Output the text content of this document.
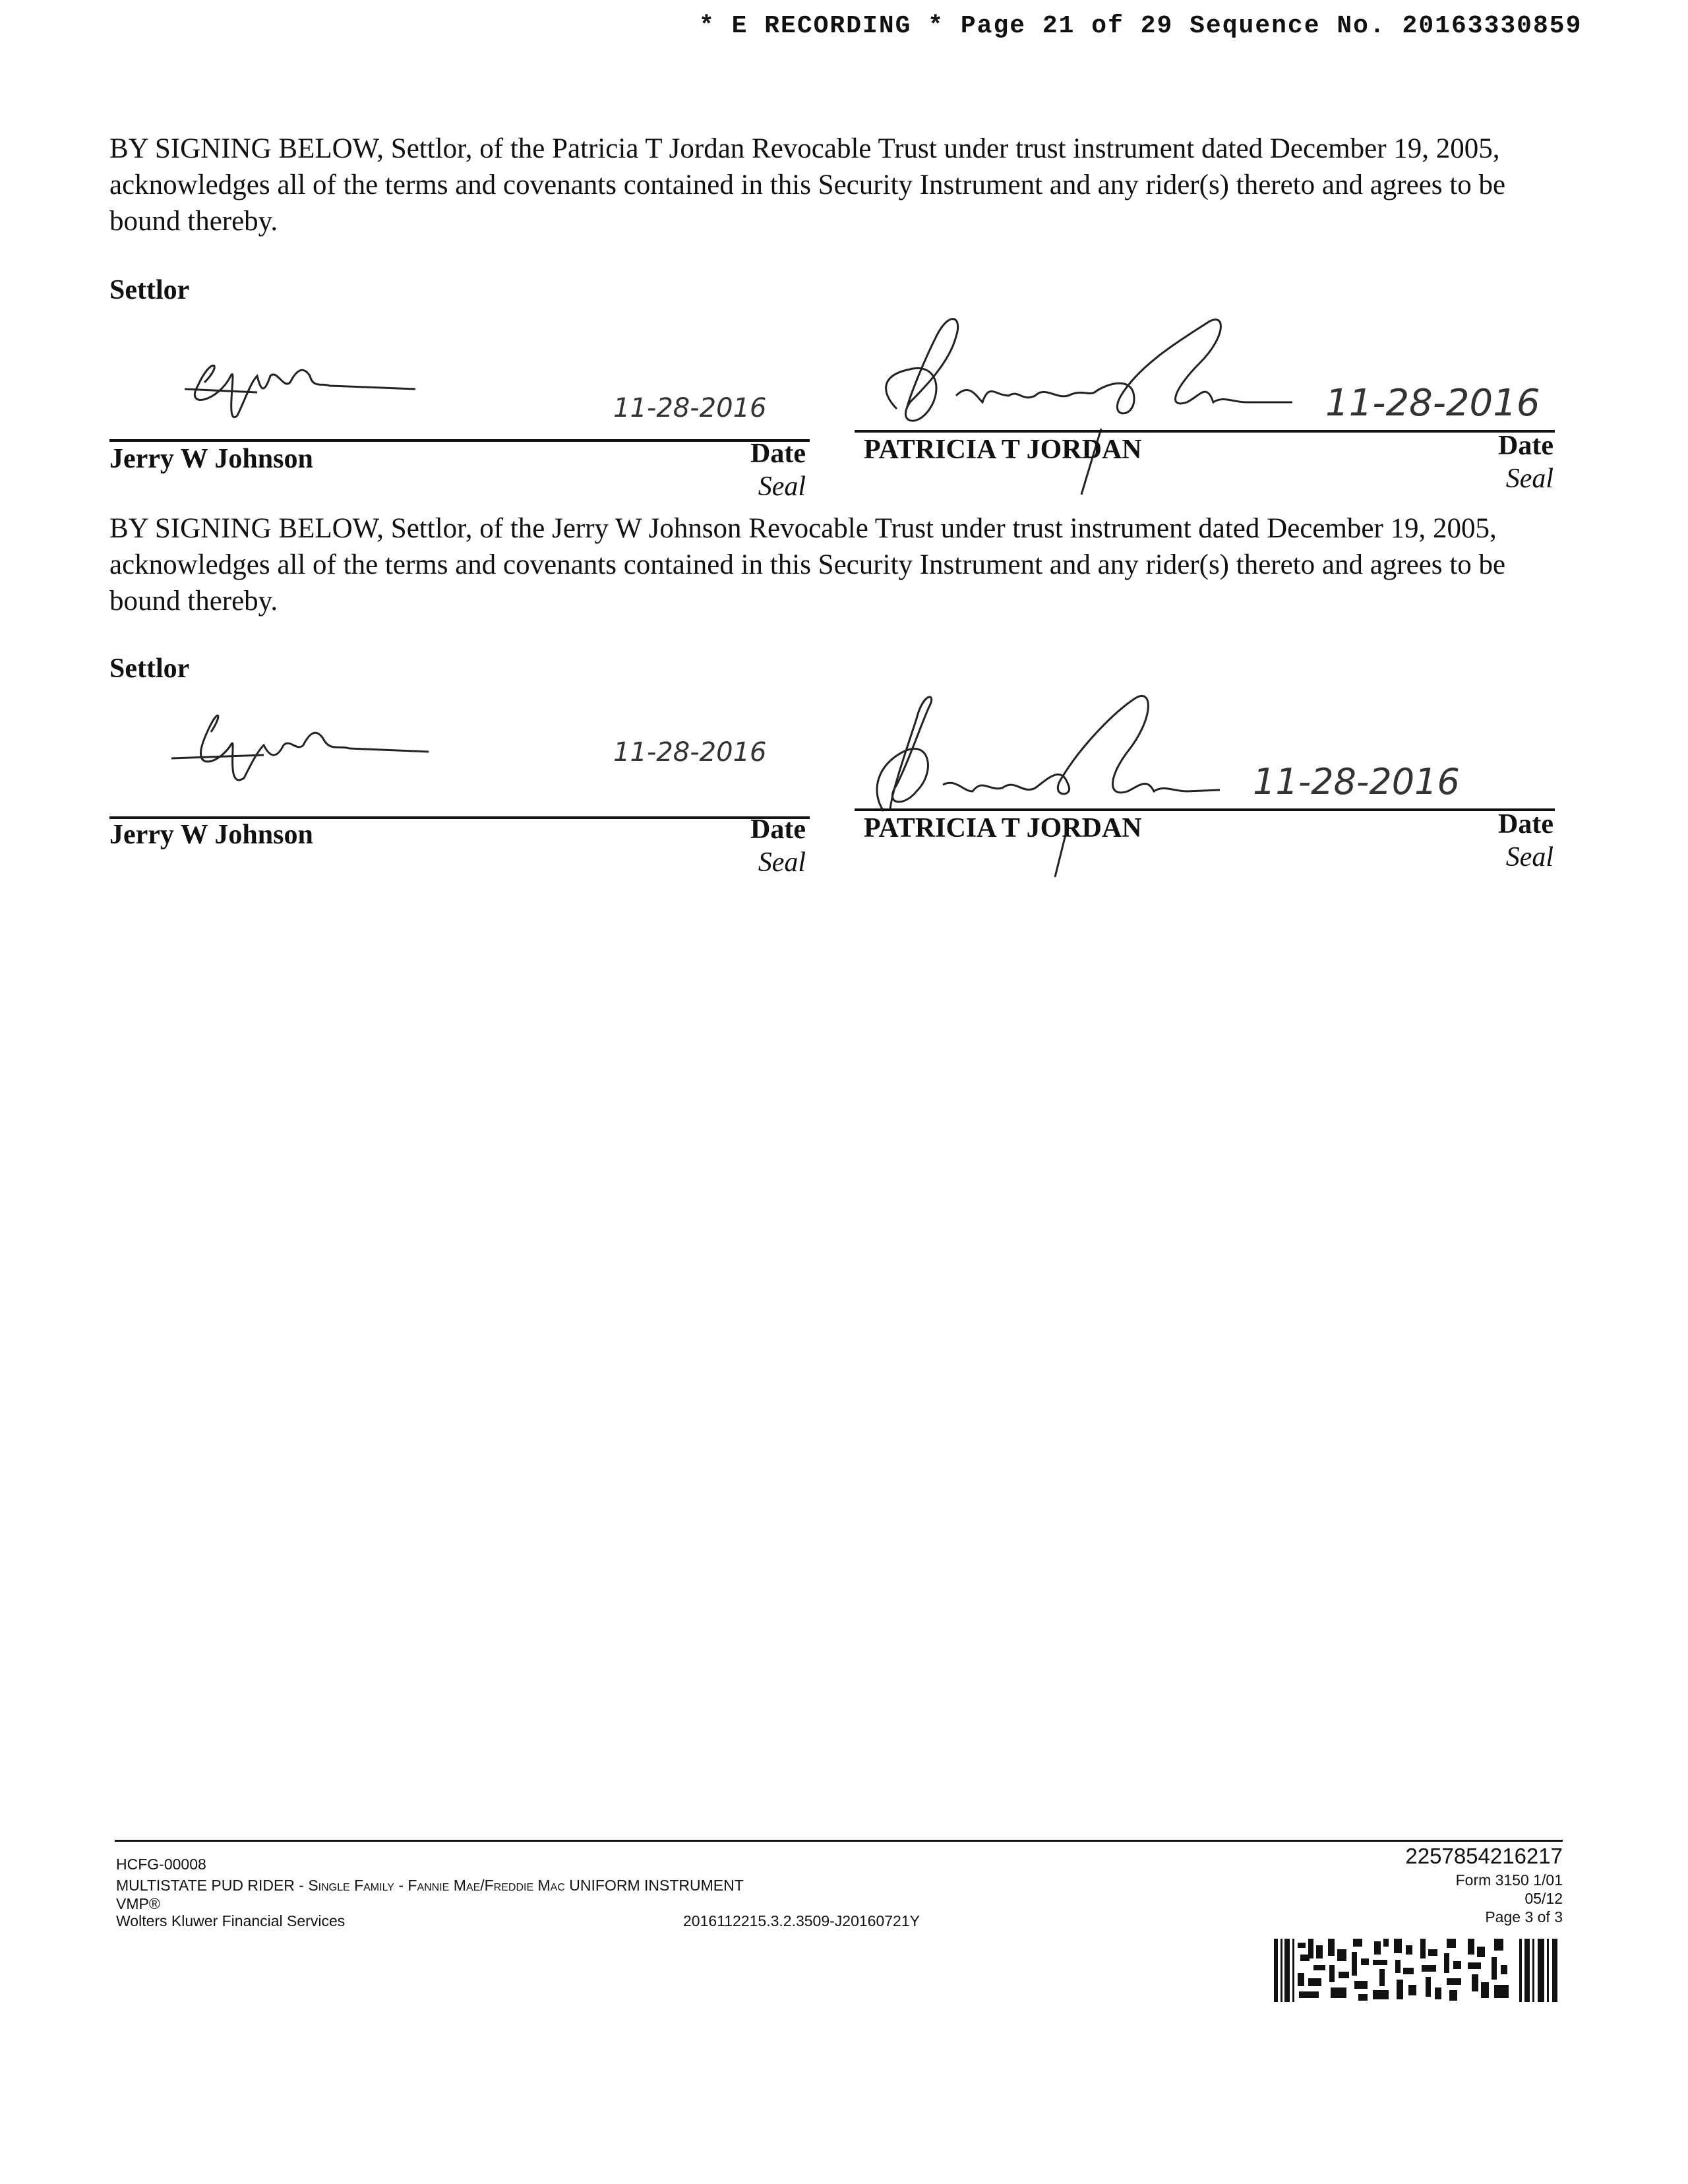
* E RECORDING * Page 21 of 29 Sequence No. 20163330859
BY SIGNING BELOW, Settlor, of the Patricia T Jordan Revocable Trust under trust instrument dated December 19, 2005, acknowledges all of the terms and covenants contained in this Security Instrument and any rider(s) thereto and agrees to be bound thereby.
Settlor
11-28-2016
Jerry W Johnson	Date
Seal
11-28-2016
PATRICIA T JORDAN	Date
Seal
BY SIGNING BELOW, Settlor, of the Jerry W Johnson Revocable Trust under trust instrument dated December 19, 2005, acknowledges all of the terms and covenants contained in this Security Instrument and any rider(s) thereto and agrees to be bound thereby.
Settlor
11-28-2016
Jerry W Johnson	Date
Seal
11-28-2016
PATRICIA T JORDAN	Date
Seal
HCFG-00008
MULTISTATE PUD RIDER - Single Family - Fannie Mae/Freddie Mac UNIFORM INSTRUMENT
VMP®
Wolters Kluwer Financial Services	2016112215.3.2.3509-J20160721Y
2257854216217
Form 3150 1/01
05/12
Page 3 of 3
